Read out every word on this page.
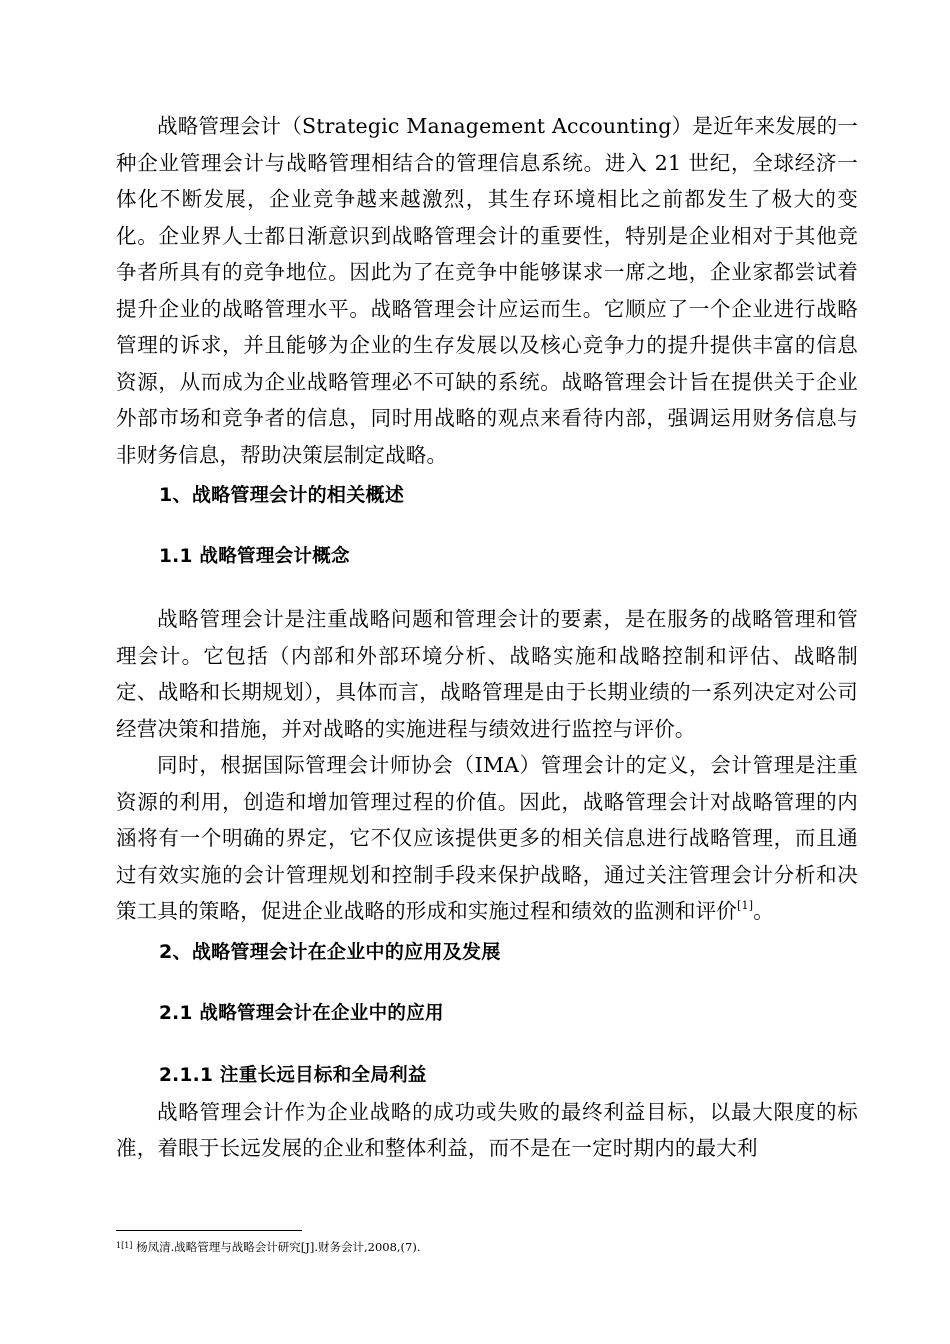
战略管理会计（Strategic Management Accounting）是近年来发展的一种企业管理会计与战略管理相结合的管理信息系统。进入 21 世纪，全球经济一体化不断发展，企业竞争越来越激烈，其生存环境相比之前都发生了极大的变化。企业界人士都日渐意识到战略管理会计的重要性，特别是企业相对于其他竞争者所具有的竞争地位。因此为了在竞争中能够谋求一席之地，企业家都尝试着提升企业的战略管理水平。战略管理会计应运而生。它顺应了一个企业进行战略管理的诉求，并且能够为企业的生存发展以及核心竞争力的提升提供丰富的信息资源，从而成为企业战略管理必不可缺的系统。战略管理会计旨在提供关于企业外部市场和竞争者的信息，同时用战略的观点来看待内部，强调运用财务信息与非财务信息，帮助决策层制定战略。

1、战略管理会计的相关概述
1.1 战略管理会计概念

战略管理会计是注重战略问题和管理会计的要素，是在服务的战略管理和管理会计。它包括（内部和外部环境分析、战略实施和战略控制和评估、战略制定、战略和长期规划），具体而言，战略管理是由于长期业绩的一系列决定对公司经营决策和措施，并对战略的实施进程与绩效进行监控与评价。

同时，根据国际管理会计师协会（IMA）管理会计的定义，会计管理是注重资源的利用，创造和增加管理过程的价值。因此，战略管理会计对战略管理的内涵将有一个明确的界定，它不仅应该提供更多的相关信息进行战略管理，而且通过有效实施的会计管理规划和控制手段来保护战略，通过关注管理会计分析和决策工具的策略，促进企业战略的形成和实施过程和绩效的监测和评价[1]。

2、战略管理会计在企业中的应用及发展
2.1 战略管理会计在企业中的应用
2.1.1 注重长远目标和全局利益

战略管理会计作为企业战略的成功或失败的最终利益目标，以最大限度的标准，着眼于长远发展的企业和整体利益，而不是在一定时期内的最大利

$^{1[1]}$ 杨凤清.战略管理与战略会计研究[J].财务会计,2008,(7).
